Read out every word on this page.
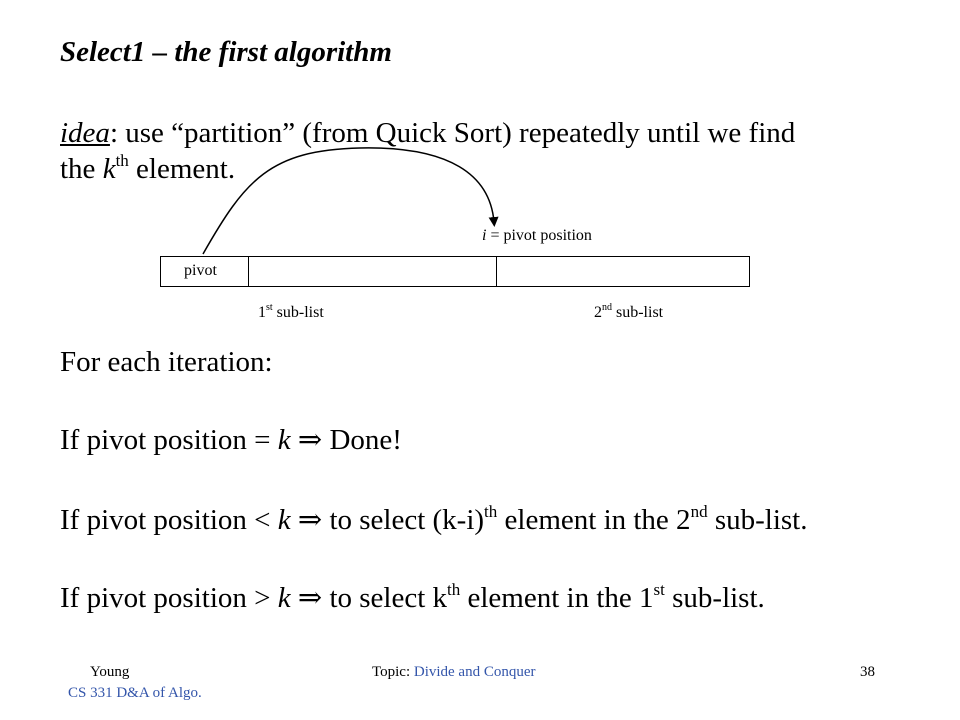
Select1 – the first algorithm
idea: use “partition” (from Quick Sort) repeatedly until we find
the $k^{th}$ element.
i = pivot position
pivot
1st sub-list	2nd sub-list
For each iteration:
If pivot position = k ⇒ Done!
If pivot position < k ⇒ to select $(k-i)^{th}$ element in the 2nd sub-list.
If pivot position > k ⇒ to select $k^{th}$ element in the 1st sub-list.
Young
CS 331 D&A of Algo.
Topic: Divide and Conquer	38
